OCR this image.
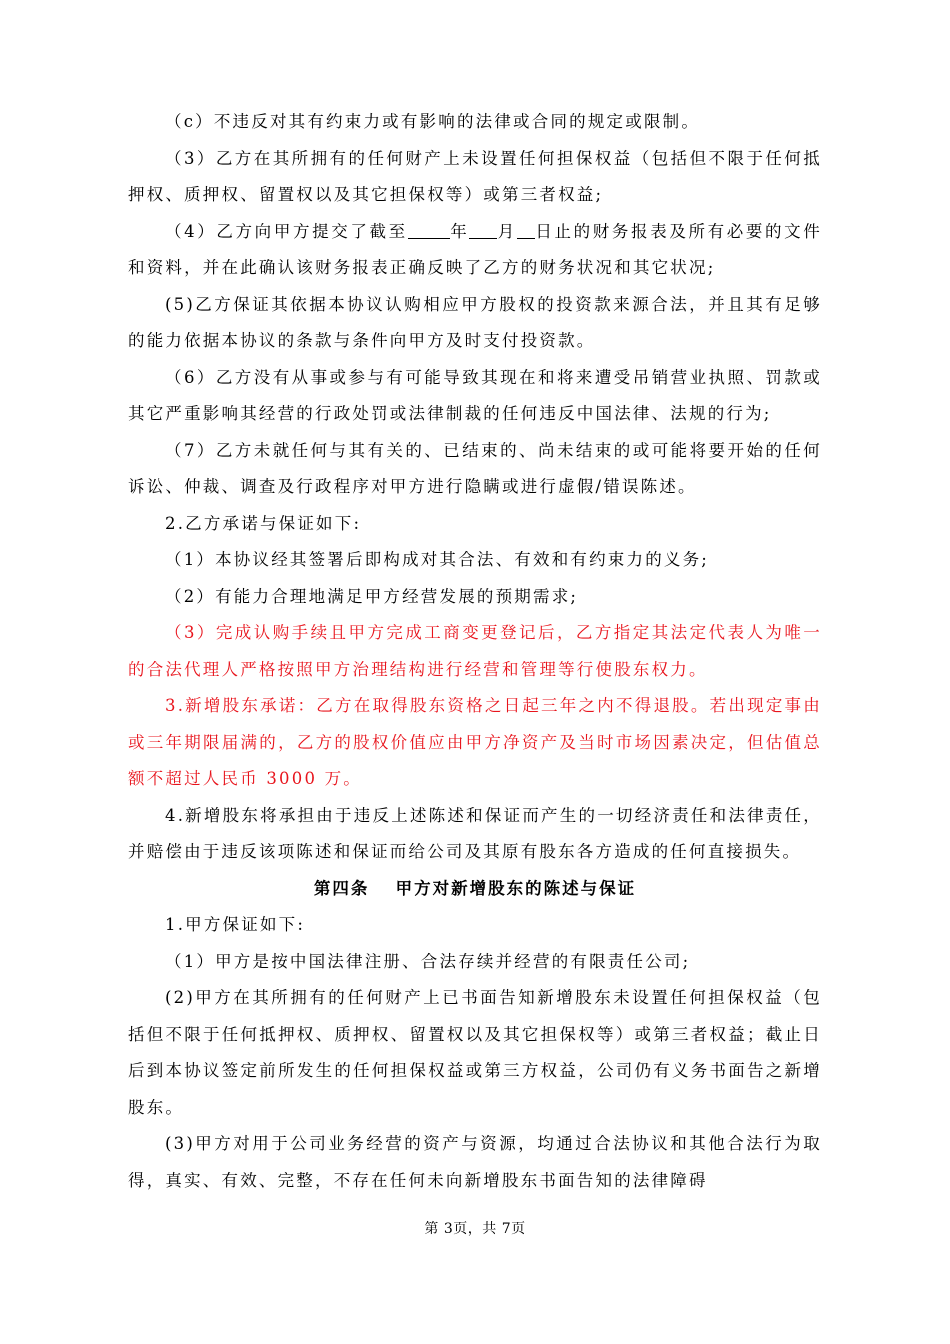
（c）不违反对其有约束力或有影响的法律或合同的规定或限制。

（3）乙方在其所拥有的任何财产上未设置任何担保权益（包括但不限于任何抵押权、质押权、留置权以及其它担保权等）或第三者权益;

（4）乙方向甲方提交了截至	年 月 日止的财务报表及所有必要的文件和资料，并在此确认该财务报表正确反映了乙方的财务状况和其它状况;

(5)乙方保证其依据本协议认购相应甲方股权的投资款来源合法，并且其有足够的能力依据本协议的条款与条件向甲方及时支付投资款。

（6）乙方没有从事或参与有可能导致其现在和将来遭受吊销营业执照、罚款或其它严重影响其经营的行政处罚或法律制裁的任何违反中国法律、法规的行为;

（7）乙方未就任何与其有关的、已结束的、尚未结束的或可能将要开始的任何诉讼、仲裁、调查及行政程序对甲方进行隐瞒或进行虚假/错误陈述。

2.乙方承诺与保证如下:

（1）本协议经其签署后即构成对其合法、有效和有约束力的义务;

（2）有能力合理地满足甲方经营发展的预期需求;

（3）完成认购手续且甲方完成工商变更登记后，乙方指定其法定代表人为唯一的合法代理人严格按照甲方治理结构进行经营和管理等行使股东权力。

3.新增股东承诺：乙方在取得股东资格之日起三年之内不得退股。若出现定事由或三年期限届满的，乙方的股权价值应由甲方净资产及当时市场因素决定，但估值总额不超过人民币 3000 万。

4.新增股东将承担由于违反上述陈述和保证而产生的一切经济责任和法律责任，并赔偿由于违反该项陈述和保证而给公司及其原有股东各方造成的任何直接损失。

第四条　 甲方对新增股东的陈述与保证

1.甲方保证如下:

（1）甲方是按中国法律注册、合法存续并经营的有限责任公司;

(2)甲方在其所拥有的任何财产上已书面告知新增股东未设置任何担保权益（包括但不限于任何抵押权、质押权、留置权以及其它担保权等）或第三者权益；截止日后到本协议签定前所发生的任何担保权益或第三方权益，公司仍有义务书面告之新增股东。

(3)甲方对用于公司业务经营的资产与资源，均通过合法协议和其他合法行为取得，真实、有效、完整，不存在任何未向新增股东书面告知的法律障碍

第 3页，共 7页
